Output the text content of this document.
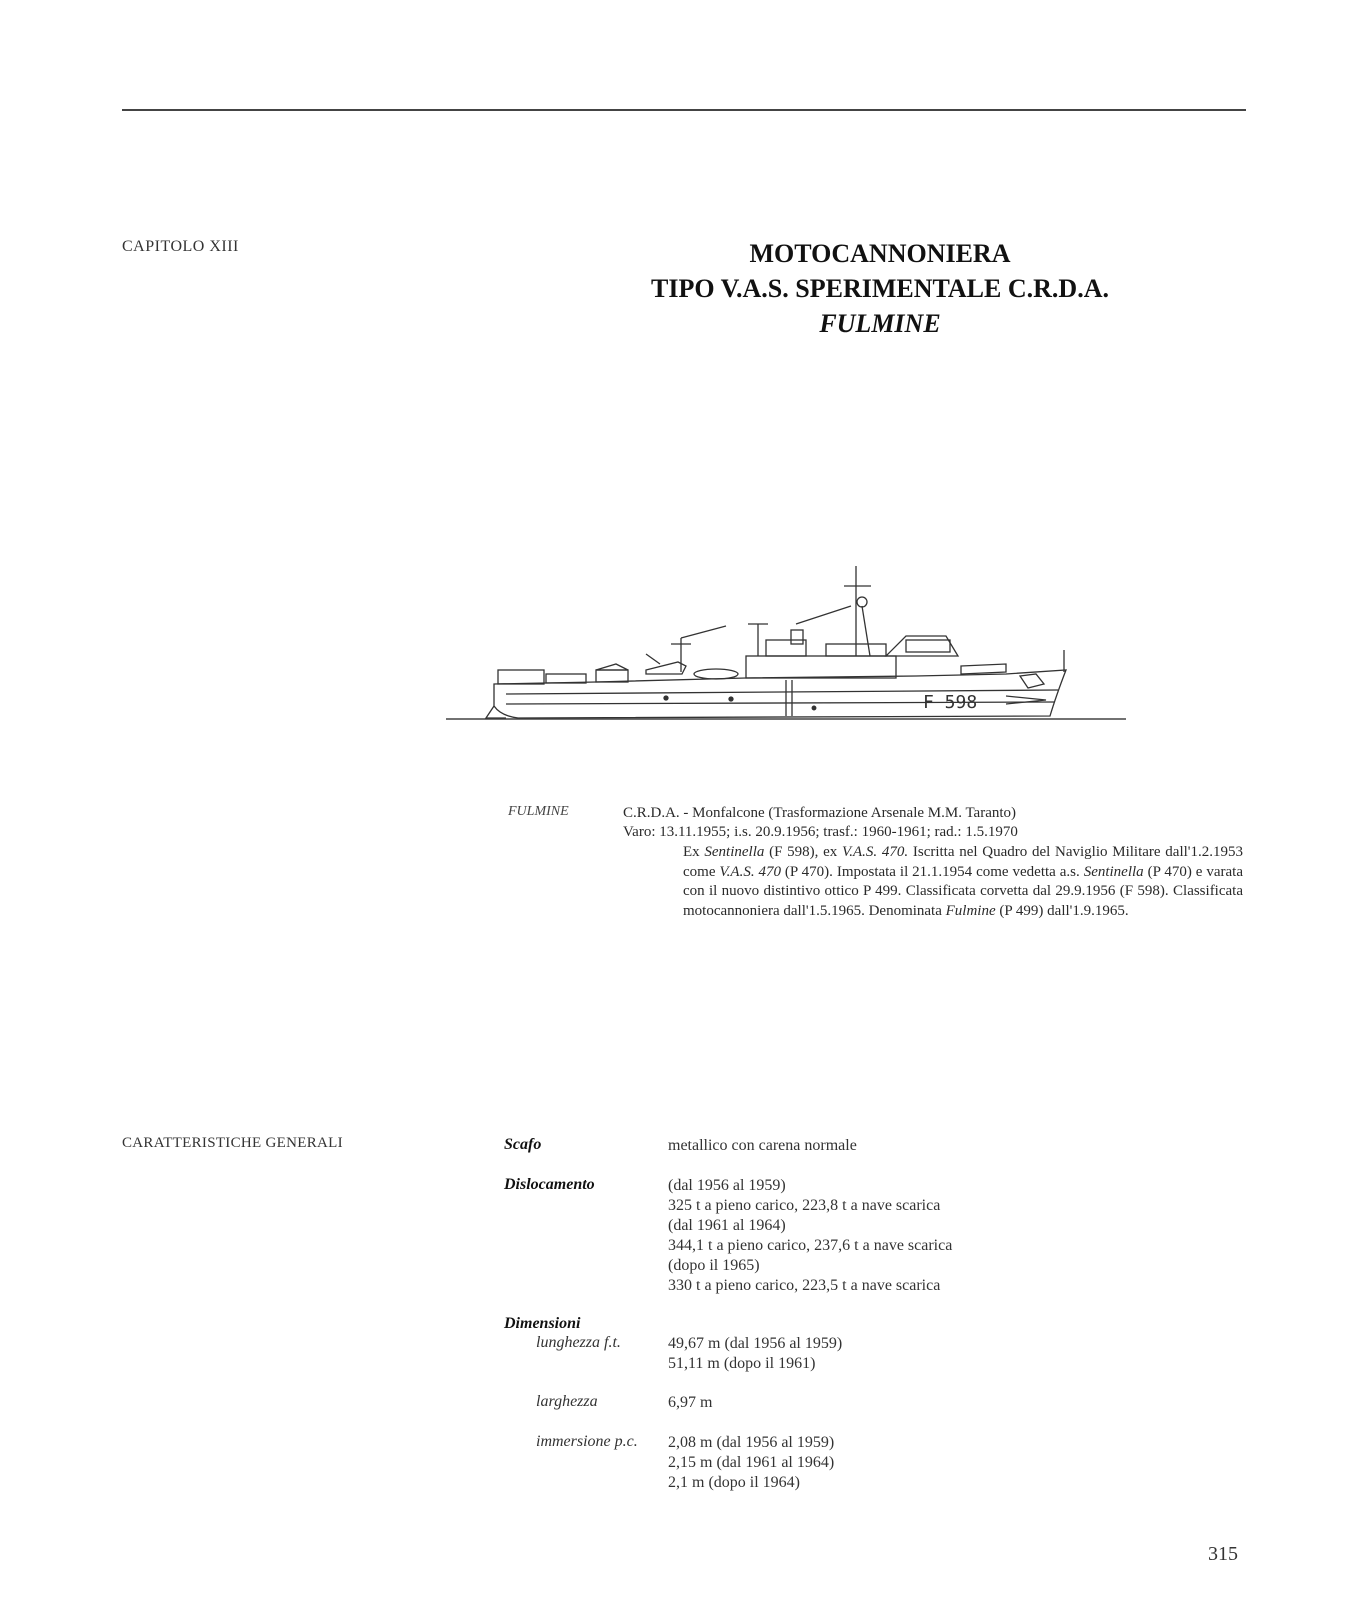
CAPITOLO XIII	MOTOCANNONIERA
TIPO V.A.S. SPERIMENTALE C.R.D.A.
FULMINE
F 598
FULMINE	C.R.D.A. - Monfalcone (Trasformazione Arsenale M.M. Taranto)
Varo: 13.11.1955; i.s. 20.9.1956; trasf.: 1960-1961; rad.: 1.5.1970
Ex Sentinella (F 598), ex V.A.S. 470. Iscritta nel Quadro del Naviglio Militare dall'1.2.1953 come V.A.S. 470 (P 470). Impostata il 21.1.1954 come vedetta a.s. Sentinella (P 470) e varata con il nuovo distintivo ottico P 499. Classificata corvetta dal 29.9.1956 (F 598). Classificata motocannoniera dall'1.5.1965. Denominata Fulmine (P 499) dall'1.9.1965.
CARATTERISTICHE GENERALI	Scafo	metallico con carena normale
Dislocamento	(dal 1956 al 1959)
325 t a pieno carico, 223,8 t a nave scarica
(dal 1961 al 1964)
344,1 t a pieno carico, 237,6 t a nave scarica
(dopo il 1965)
330 t a pieno carico, 223,5 t a nave scarica
Dimensioni
lunghezza f.t.	49,67 m (dal 1956 al 1959)
51,11 m (dopo il 1961)
larghezza	6,97 m
immersione p.c. 2,08 m (dal 1956 al 1959)
2,15 m (dal 1961 al 1964)
2,1 m (dopo il 1964)
315
